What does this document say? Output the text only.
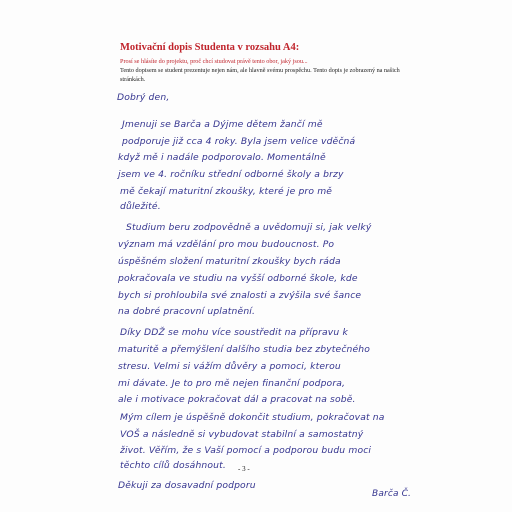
Motivační dopis Studenta v rozsahu A4:

Prosí se hlásíte do projektu, proč chcí studovat právě tento obor, jaký jsou...

Tento dopisem se student prezentuje nejen nám, ale hlavně svému prospěchu. Tento dopis je zobrazený na našich stránkách.

Dobrý den,

Jmenuji se Barča a Dýjme dětem žančí mě

podporuje již cca 4 roky. Byla jsem velice vděčná

když mě i nadále podporovalo. Momentálně

jsem ve 4. ročníku střední odborné školy a brzy

mě čekají maturitní zkoušky, které je pro mě

důležité.

Studium beru zodpovědně a uvědomuji si, jak velký

význam má vzdělání pro mou budoucnost. Po

úspěšném složení maturitní zkoušky bych ráda

pokračovala ve studiu na vyšší odborné škole, kde

bych si prohloubila své znalosti a zvýšila své šance

na dobré pracovní uplatnění.

Díky DDŽ se mohu více soustředit na přípravu k

maturitě a přemýšlení dalšího studia bez zbytečného

stresu. Velmi si vážím důvěry a pomoci, kterou

mi dávate. Je to pro mě nejen finanční podpora,

ale i motivace pokračovat dál a pracovat na sobě.

Mým cílem je úspěšně dokončit studium, pokračovat na

VOŠ a následně si vybudovat stabilní a samostatný

život. Věřím, že s Vaší pomocí a podporou budu moci

těchto cílů dosáhnout.

Děkuji za dosavadní podporu

- 3 -

Barča Č.
